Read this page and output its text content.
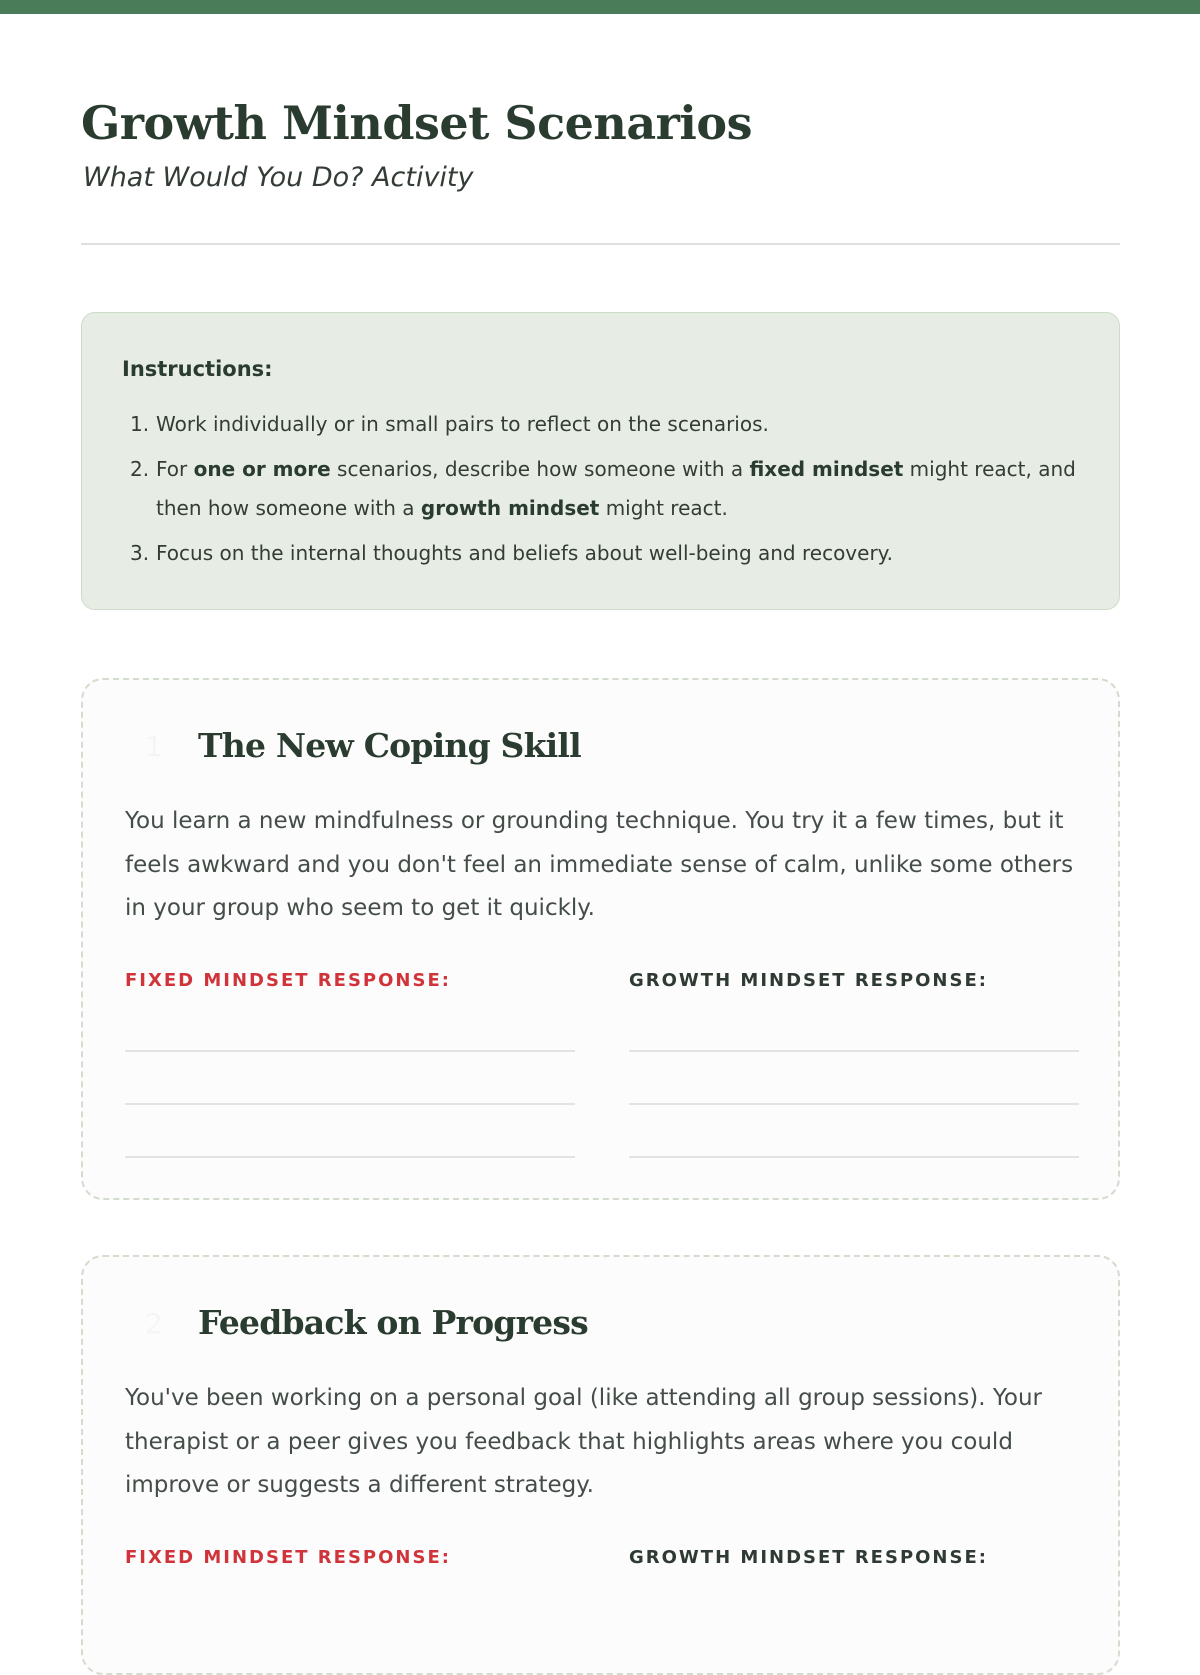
Growth Mindset Scenarios
What Would You Do? Activity
Instructions:
1. Work individually or in small pairs to reflect on the scenarios.
2. For one or more scenarios, describe how someone with a fixed mindset might react, and then how someone with a growth mindset might react.
3. Focus on the internal thoughts and beliefs about well-being and recovery.
1 The New Coping Skill

You learn a new mindfulness or grounding technique. You try it a few times, but it feels awkward and you don't feel an immediate sense of calm, unlike some others in your group who seem to get it quickly.

FIXED MINDSET RESPONSE:	GROWTH MINDSET RESPONSE:
2 Feedback on Progress

You've been working on a personal goal (like attending all group sessions). Your therapist or a peer gives you feedback that highlights areas where you could improve or suggests a different strategy.

FIXED MINDSET RESPONSE:	GROWTH MINDSET RESPONSE:
